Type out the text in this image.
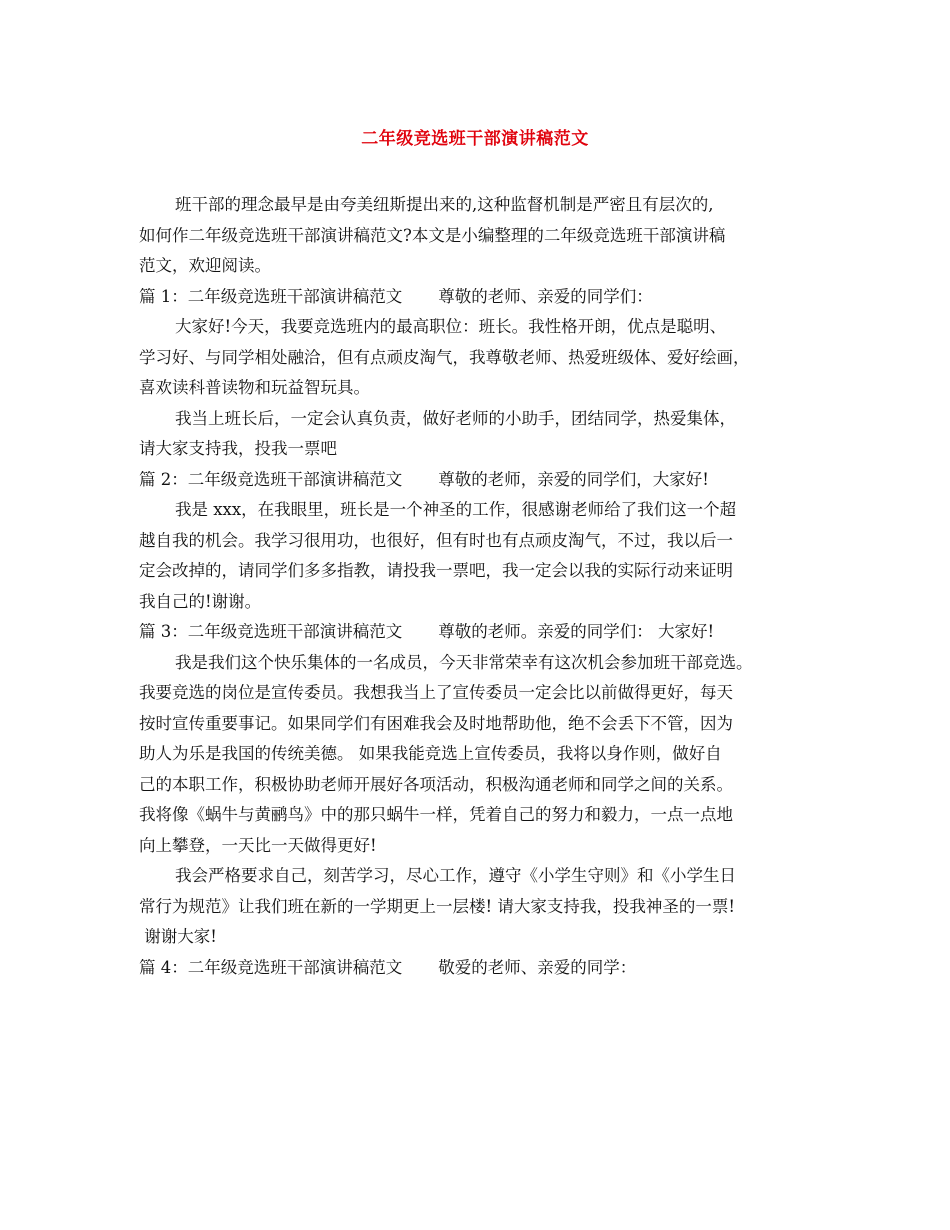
二年级竞选班干部演讲稿范文
班干部的理念最早是由夸美纽斯提出来的,这种监督机制是严密且有层次的,
如何作二年级竞选班干部演讲稿范文?本文是小编整理的二年级竞选班干部演讲稿
范文，欢迎阅读。
篇 1：二年级竞选班干部演讲稿范文 尊敬的老师、亲爱的同学们：
大家好!今天，我要竞选班内的最高职位：班长。我性格开朗，优点是聪明、
学习好、与同学相处融洽，但有点顽皮淘气，我尊敬老师、热爱班级体、爱好绘画，
喜欢读科普读物和玩益智玩具。
我当上班长后，一定会认真负责，做好老师的小助手，团结同学，热爱集体，
请大家支持我，投我一票吧
篇 2：二年级竞选班干部演讲稿范文 尊敬的老师，亲爱的同学们，大家好!
我是 xxx，在我眼里，班长是一个神圣的工作，很感谢老师给了我们这一个超
越自我的机会。我学习很用功，也很好，但有时也有点顽皮淘气，不过，我以后一
定会改掉的，请同学们多多指教，请投我一票吧，我一定会以我的实际行动来证明
我自己的!谢谢。
篇 3：二年级竞选班干部演讲稿范文 尊敬的老师。亲爱的同学们： 大家好!
我是我们这个快乐集体的一名成员，今天非常荣幸有这次机会参加班干部竞选。
我要竞选的岗位是宣传委员。我想我当上了宣传委员一定会比以前做得更好，每天
按时宣传重要事记。如果同学们有困难我会及时地帮助他，绝不会丢下不管，因为
助人为乐是我国的传统美德。 如果我能竞选上宣传委员，我将以身作则，做好自
己的本职工作，积极协助老师开展好各项活动，积极沟通老师和同学之间的关系。
我将像《蜗牛与黄鹂鸟》中的那只蜗牛一样，凭着自己的努力和毅力，一点一点地
向上攀登，一天比一天做得更好!
我会严格要求自己，刻苦学习，尽心工作，遵守《小学生守则》和《小学生日
常行为规范》让我们班在新的一学期更上一层楼! 请大家支持我，投我神圣的一票!
谢谢大家!
篇 4：二年级竞选班干部演讲稿范文 敬爱的老师、亲爱的同学：
